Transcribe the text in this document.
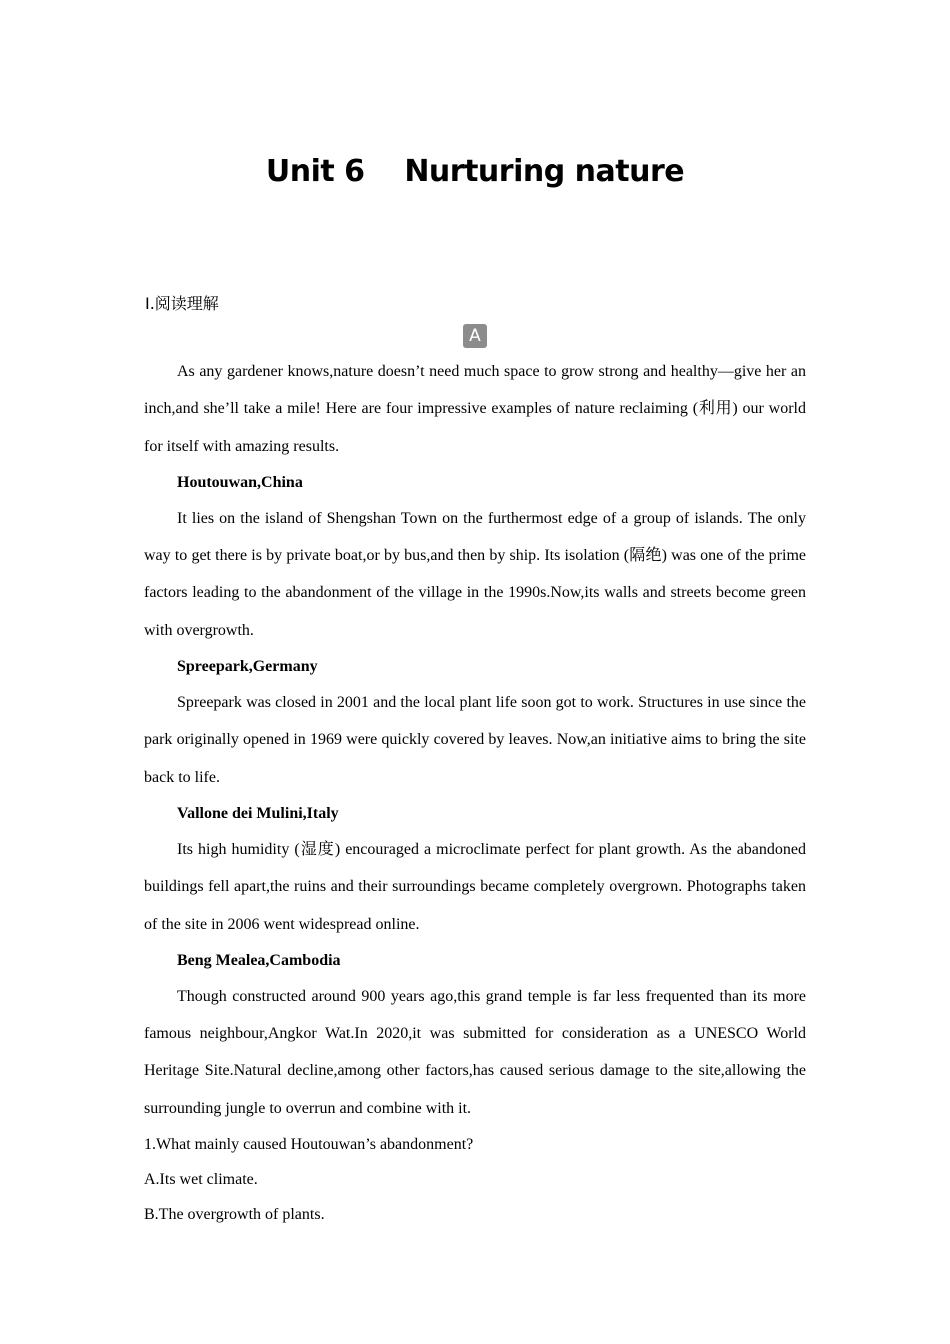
Unit 6    Nurturing nature
Ⅰ.阅读理解
A

As any gardener knows,nature doesn’t need much space to grow strong and healthy—give her an inch,and she’ll take a mile! Here are four impressive examples of nature reclaiming (利用) our world for itself with amazing results.

Houtouwan,China

It lies on the island of Shengshan Town on the furthermost edge of a group of islands. The only way to get there is by private boat,or by bus,and then by ship. Its isolation (隔绝) was one of the prime factors leading to the abandonment of the village in the 1990s.Now,its walls and streets become green with overgrowth.

Spreepark,Germany

Spreepark was closed in 2001 and the local plant life soon got to work. Structures in use since the park originally opened in 1969 were quickly covered by leaves. Now,an initiative aims to bring the site back to life.

Vallone dei Mulini,Italy

Its high humidity (湿度) encouraged a microclimate perfect for plant growth. As the abandoned buildings fell apart,the ruins and their surroundings became completely overgrown. Photographs taken of the site in 2006 went widespread online.

Beng Mealea,Cambodia

Though constructed around 900 years ago,this grand temple is far less frequented than its more famous neighbour,Angkor Wat.In 2020,it was submitted for consideration as a UNESCO World Heritage Site.Natural decline,among other factors,has caused serious damage to the site,allowing the surrounding jungle to overrun and combine with it.

1.What mainly caused Houtouwan’s abandonment?

A.Its wet climate.

B.The overgrowth of plants.
